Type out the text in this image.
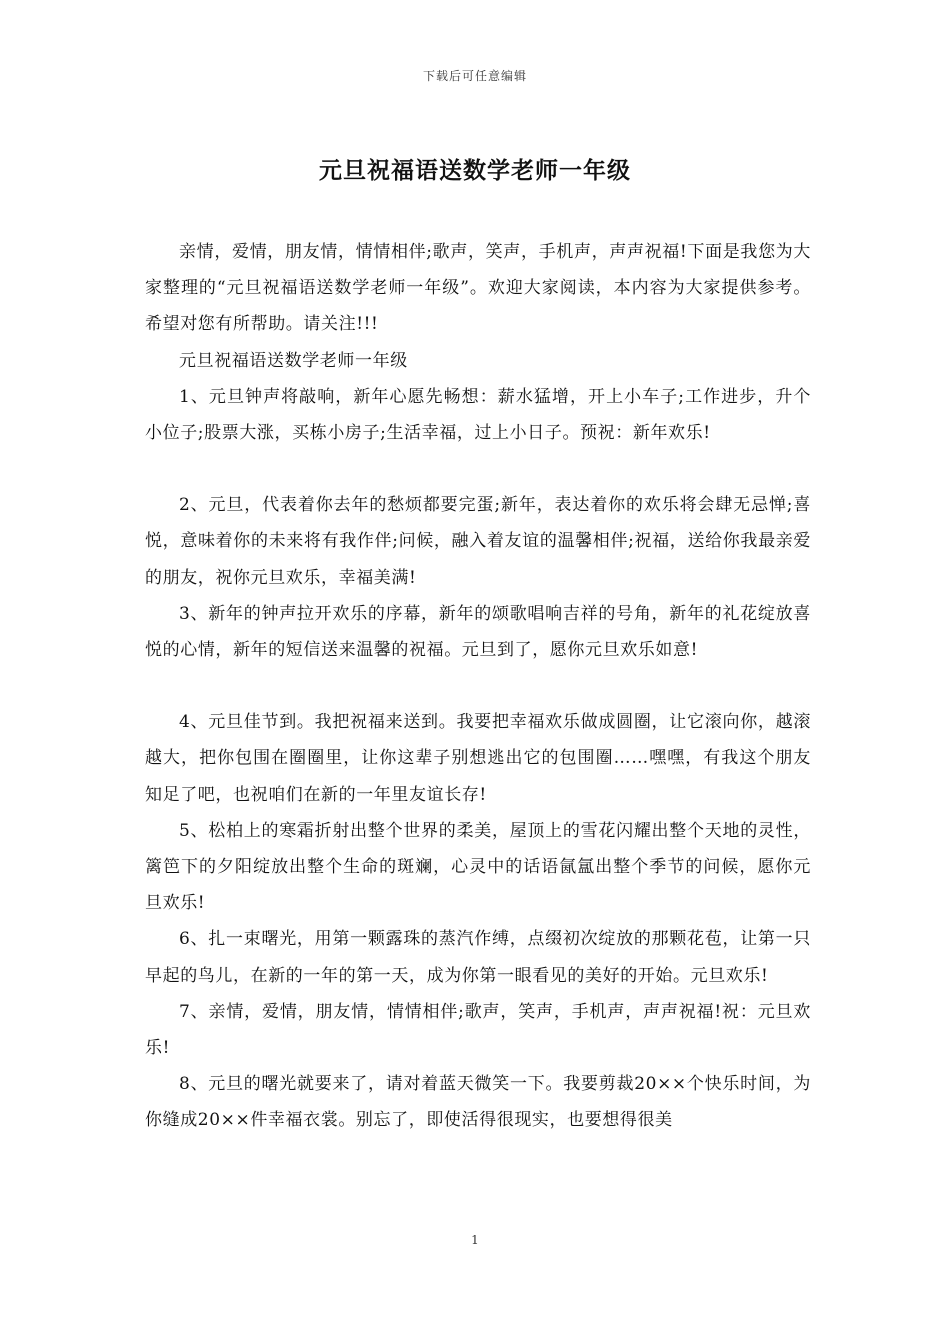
下载后可任意编辑
元旦祝福语送数学老师一年级

亲情，爱情，朋友情，情情相伴;歌声，笑声，手机声，声声祝福!下面是我您为大家整理的“元旦祝福语送数学老师一年级”。欢迎大家阅读，本内容为大家提供参考。希望对您有所帮助。请关注!!!

元旦祝福语送数学老师一年级

1、元旦钟声将敲响，新年心愿先畅想：薪水猛增，开上小车子;工作进步，升个小位子;股票大涨，买栋小房子;生活幸福，过上小日子。预祝：新年欢乐!

2、元旦，代表着你去年的愁烦都要完蛋;新年，表达着你的欢乐将会肆无忌惮;喜悦，意味着你的未来将有我作伴;问候，融入着友谊的温馨相伴;祝福，送给你我最亲爱的朋友，祝你元旦欢乐，幸福美满!

3、新年的钟声拉开欢乐的序幕，新年的颂歌唱响吉祥的号角，新年的礼花绽放喜悦的心情，新年的短信送来温馨的祝福。元旦到了，愿你元旦欢乐如意!

4、元旦佳节到。我把祝福来送到。我要把幸福欢乐做成圆圈，让它滚向你，越滚越大，把你包围在圈圈里，让你这辈子别想逃出它的包围圈……嘿嘿，有我这个朋友知足了吧，也祝咱们在新的一年里友谊长存!

5、松柏上的寒霜折射出整个世界的柔美，屋顶上的雪花闪耀出整个天地的灵性，篱笆下的夕阳绽放出整个生命的斑斓，心灵中的话语氤氲出整个季节的问候，愿你元旦欢乐!

6、扎一束曙光，用第一颗露珠的蒸汽作缚，点缀初次绽放的那颗花苞，让第一只早起的鸟儿，在新的一年的第一天，成为你第一眼看见的美好的开始。元旦欢乐!

7、亲情，爱情，朋友情，情情相伴;歌声，笑声，手机声，声声祝福!祝：元旦欢乐!

8、元旦的曙光就要来了，请对着蓝天微笑一下。我要剪裁20××个快乐时间，为你缝成20××件幸福衣裳。别忘了，即使活得很现实，也要想得很美

1
